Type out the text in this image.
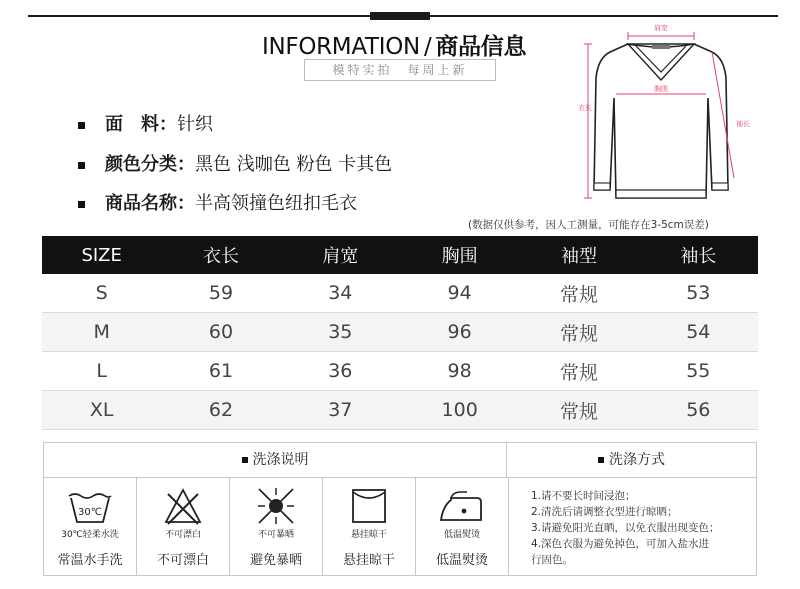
INFORMATION / 商品信息
模特实拍　每周上新
面　料：针织
颜色分类：黑色 浅咖色 粉色 卡其色
商品名称：半高领撞色纽扣毛衣
(数据仅供参考，因人工测量，可能存在3-5cm误差)
肩宽
胸围
衣长
袖长
SIZE	衣长	肩宽	胸围	袖型	袖长
S	59	34	94	常规	53
M	60	35	96	常规	54
L	61	36	98	常规	55
XL	62	37	100	常规	56
洗涤说明	洗涤方式
30℃
30℃轻柔水洗
常温水手洗
不可漂白
不可漂白
不可暴晒
避免暴晒
悬挂晾干
悬挂晾干
低温熨烫
低温熨烫
1.请不要长时间浸泡；
2.清洗后请调整衣型进行晾晒；
3.请避免阳光直晒，以免衣服出现变色；
4.深色衣服为避免掉色，可加入盐水进
行固色。
